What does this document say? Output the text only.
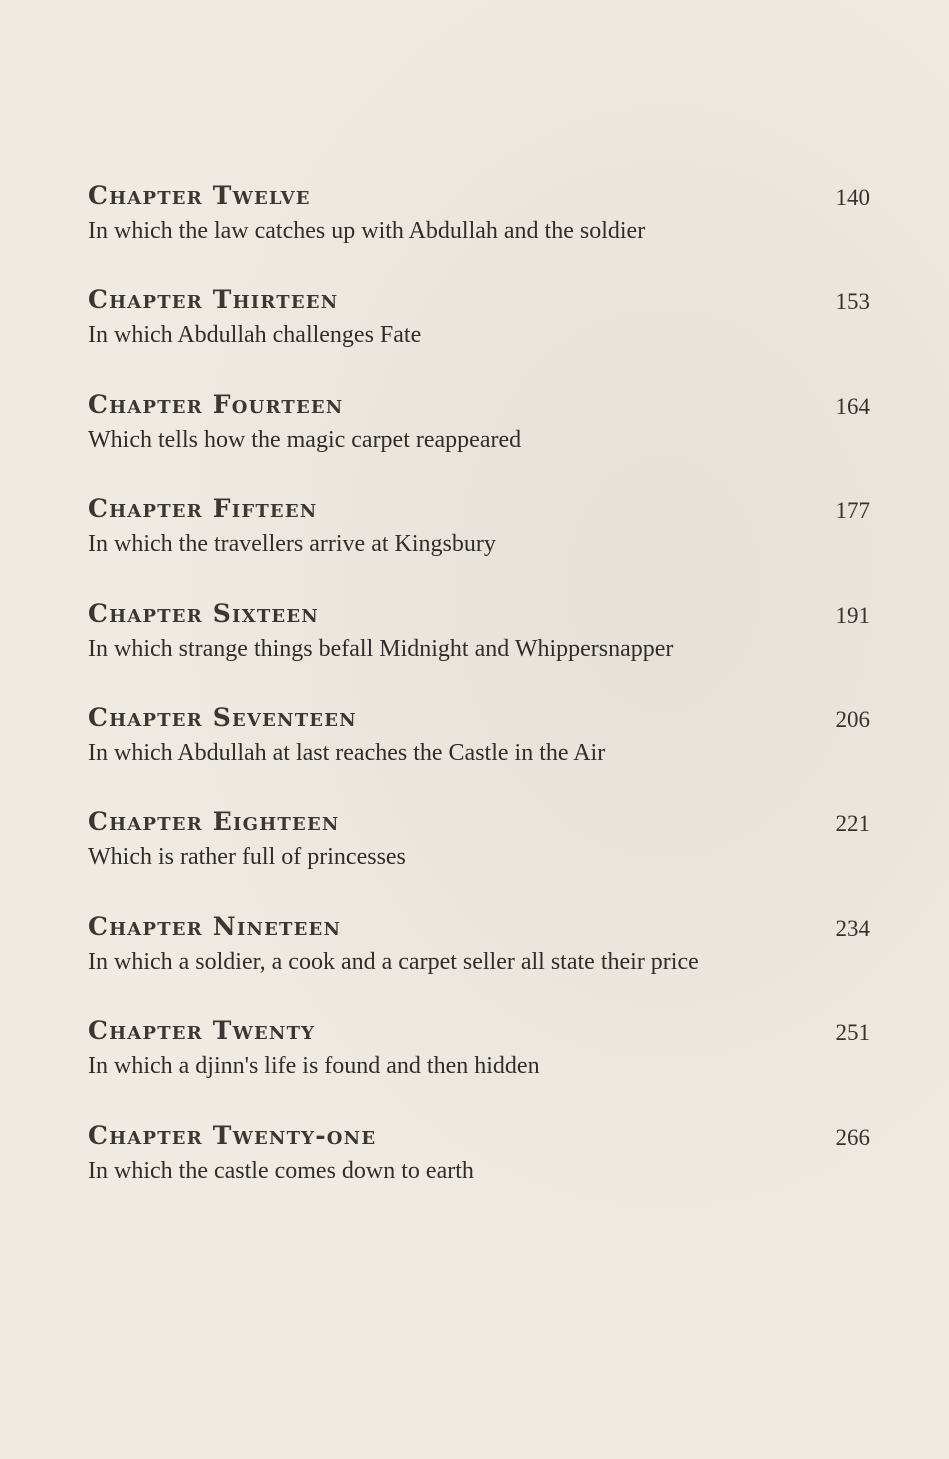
Chapter Twelve	140
In which the law catches up with Abdullah and the soldier
Chapter Thirteen	153
In which Abdullah challenges Fate
Chapter Fourteen	164
Which tells how the magic carpet reappeared
Chapter Fifteen	177
In which the travellers arrive at Kingsbury
Chapter Sixteen	191
In which strange things befall Midnight and Whippersnapper
Chapter Seventeen	206
In which Abdullah at last reaches the Castle in the Air
Chapter Eighteen	221
Which is rather full of princesses
Chapter Nineteen	234
In which a soldier, a cook and a carpet seller all state their price
Chapter Twenty	251
In which a djinn's life is found and then hidden
Chapter Twenty-one	266
In which the castle comes down to earth
